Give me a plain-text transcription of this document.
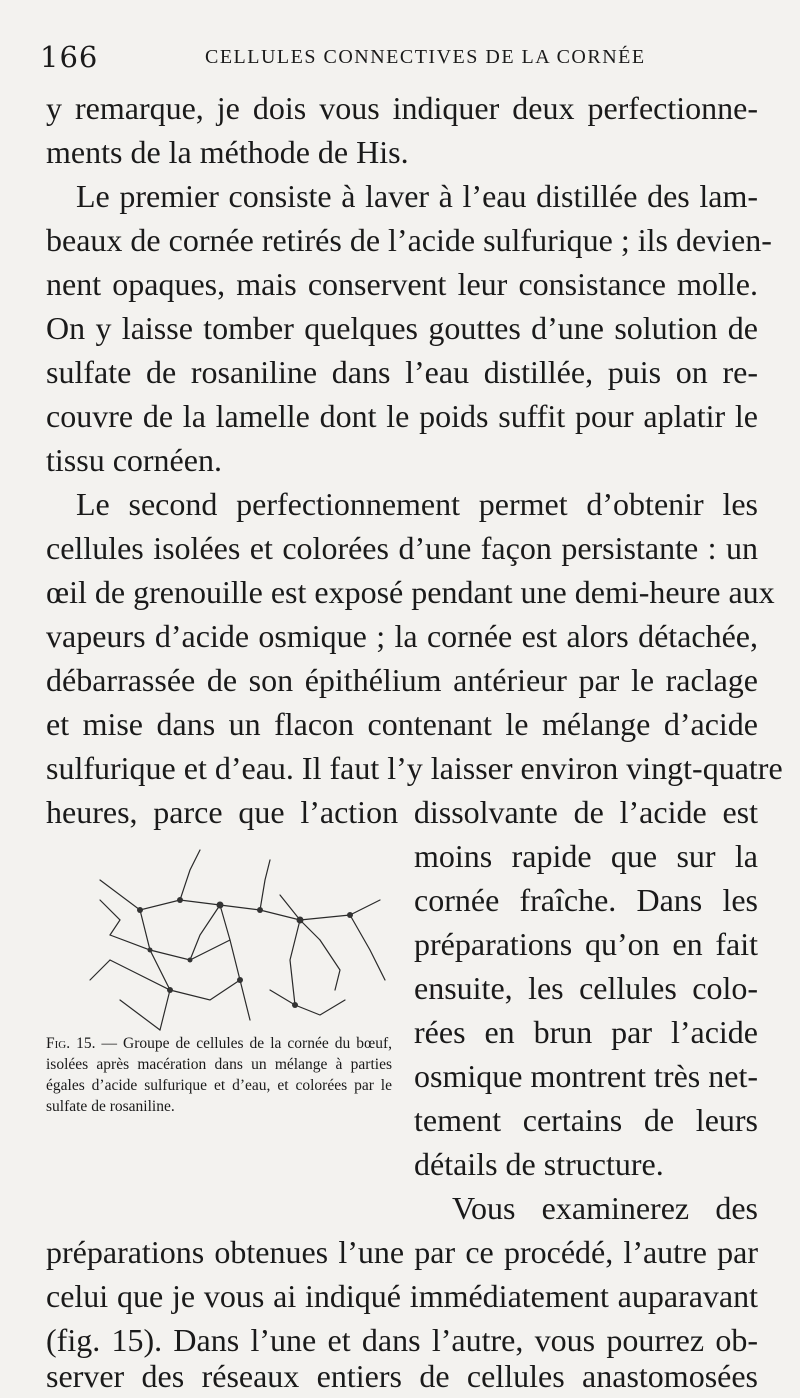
166	CELLULES CONNECTIVES DE LA CORNÉE
y remarque, je dois vous indiquer deux perfectionne-
ments de la méthode de His.
Le premier consiste à laver à l’eau distillée des lam-
beaux de cornée retirés de l’acide sulfurique ; ils devien-
nent opaques, mais conservent leur consistance molle.
On y laisse tomber quelques gouttes d’une solution de
sulfate de rosaniline dans l’eau distillée, puis on re-
couvre de la lamelle dont le poids suffit pour aplatir le
tissu cornéen.
Le second perfectionnement permet d’obtenir les
cellules isolées et colorées d’une façon persistante : un
œil de grenouille est exposé pendant une demi-heure aux
vapeurs d’acide osmique ; la cornée est alors détachée,
débarrassée de son épithélium antérieur par le raclage
et mise dans un flacon contenant le mélange d’acide
sulfurique et d’eau. Il faut l’y laisser environ vingt-quatre
heures, parce que l’action dissolvante de l’acide est
moins rapide que sur la
cornée fraîche. Dans les
préparations qu’on en fait
ensuite, les cellules colo-
rées en brun par l’acide
osmique montrent très net-
tement certains de leurs
détails de structure.
Vous examinerez des
préparations obtenues l’une par ce procédé, l’autre par
celui que je vous ai indiqué immédiatement auparavant
(fig. 15). Dans l’une et dans l’autre, vous pourrez ob-
server des réseaux entiers de cellules anastomosées
Fig. 15. — Groupe de cellules de la cornée du bœuf, isolées après macération dans un mélange à parties égales d’acide sulfurique et d’eau, et colorées par le sulfate de rosaniline.
